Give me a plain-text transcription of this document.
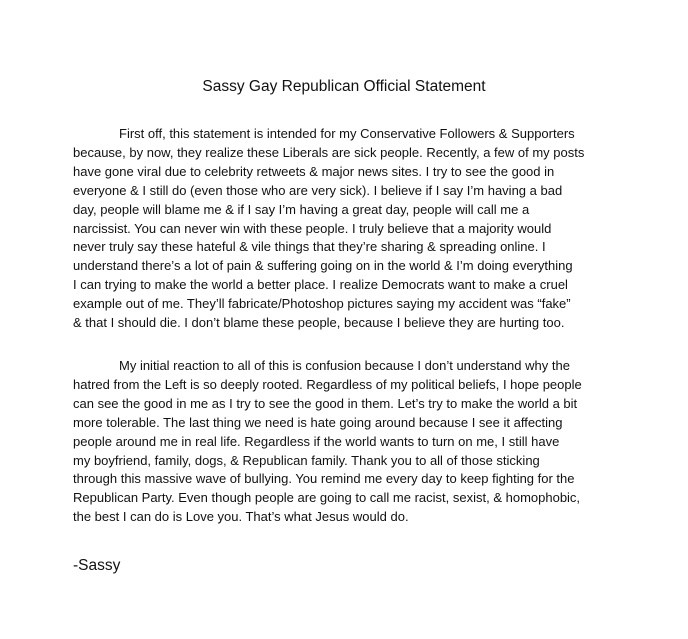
Sassy Gay Republican Official Statement

First off, this statement is intended for my Conservative Followers & Supporters
because, by now, they realize these Liberals are sick people. Recently, a few of my posts
have gone viral due to celebrity retweets & major news sites. I try to see the good in
everyone & I still do (even those who are very sick). I believe if I say I’m having a bad
day, people will blame me & if I say I’m having a great day, people will call me a
narcissist. You can never win with these people. I truly believe that a majority would
never truly say these hateful & vile things that they’re sharing & spreading online. I
understand there’s a lot of pain & suffering going on in the world & I’m doing everything
I can trying to make the world a better place. I realize Democrats want to make a cruel
example out of me. They’ll fabricate/Photoshop pictures saying my accident was “fake”
& that I should die. I don’t blame these people, because I believe they are hurting too.

My initial reaction to all of this is confusion because I don’t understand why the
hatred from the Left is so deeply rooted. Regardless of my political beliefs, I hope people
can see the good in me as I try to see the good in them. Let’s try to make the world a bit
more tolerable. The last thing we need is hate going around because I see it affecting
people around me in real life. Regardless if the world wants to turn on me, I still have
my boyfriend, family, dogs, & Republican family. Thank you to all of those sticking
through this massive wave of bullying. You remind me every day to keep fighting for the
Republican Party. Even though people are going to call me racist, sexist, & homophobic,
the best I can do is Love you. That’s what Jesus would do.

-Sassy
